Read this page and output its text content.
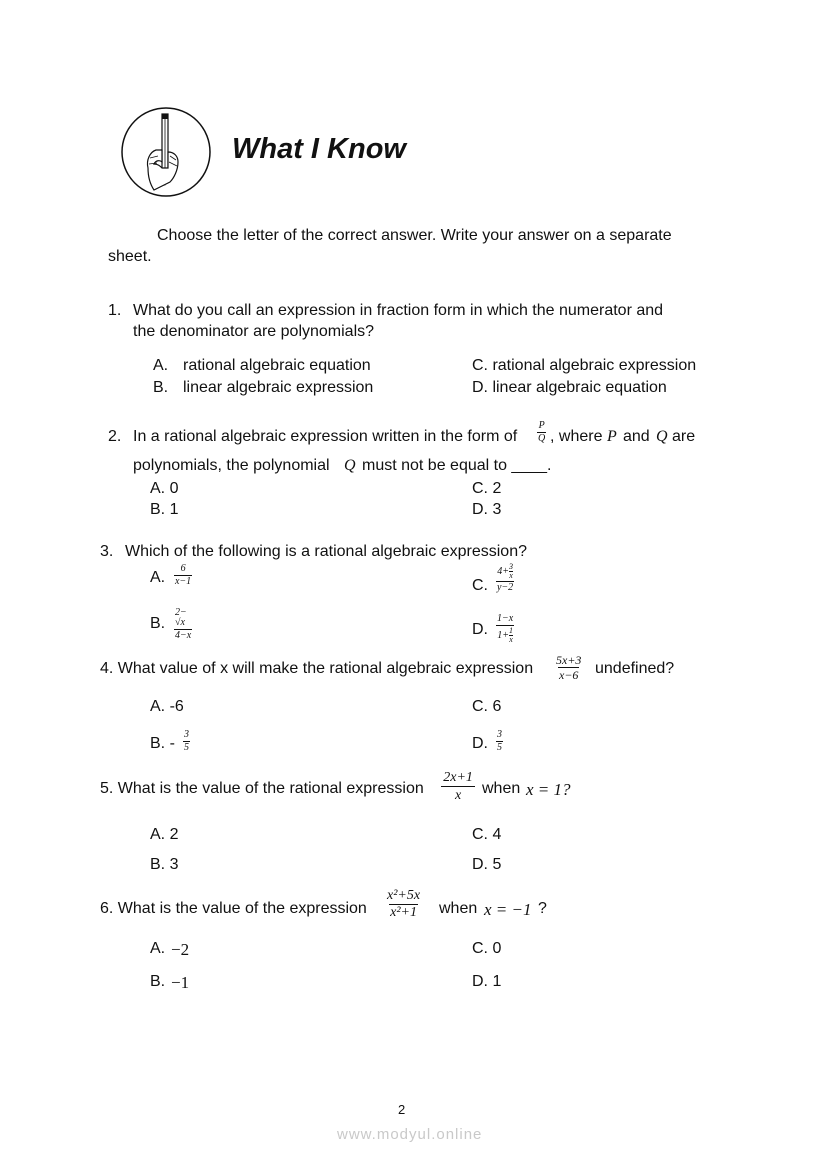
What I Know
Choose the letter of the correct answer. Write your answer on a separate
sheet.
1. What do you call an expression in fraction form in which the numerator and
the denominator are polynomials?
A. rational algebraic equation
B. linear algebraic expression
C. rational algebraic expression
D. linear algebraic equation
2. In a rational algebraic expression written in the form of $\frac{P}{Q}$ , where P and Q are
polynomials, the polynomial Q must not be equal to ____.
A. 0
B. 1
C. 2
D. 3
3. Which of the following is a rational algebraic expression?
A. $\frac{6}{x-1}$
B. $\frac{2- √x}{4-x}$
C. $\frac{4+ \frac{3}{x}}{y-2}$
D. $\frac{1-x}{1+ \frac{1}{x}}$
4. What value of x will make the rational algebraic expression $\frac{5x+3}{x-6}$ undefined?
A. -6
B. - $\frac{3}{5}$
C. 6
D. $\frac{3}{5}$
5. What is the value of the rational expression $\frac{2x+1}{x}$ when x = 1?
A. 2
B. 3
C. 4
D. 5
6. What is the value of the expression $\frac{\text{x²+5x}}{\text{x²+1}}$ when x = −1 ?
A. −2
B. −1
C. 0
D. 1
2
www.modyul.online
